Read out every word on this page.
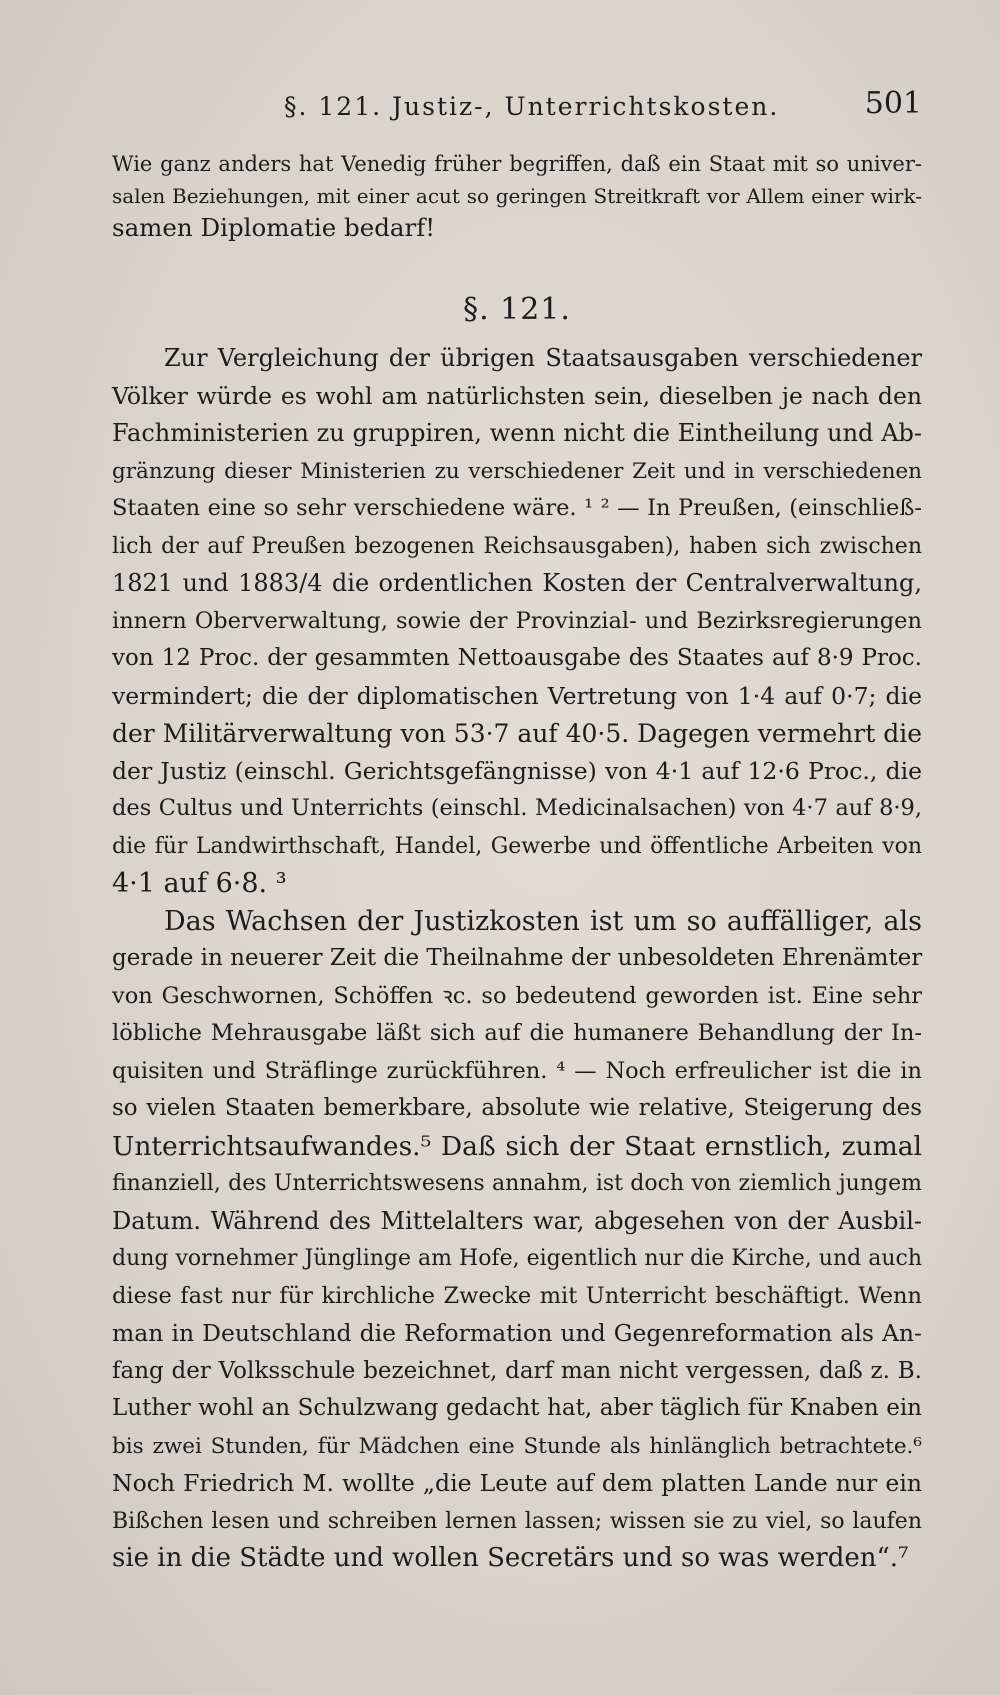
§. 121. Justiz-, Unterrichtskosten.	501
Wie ganz anders hat Venedig früher begriffen, daß ein Staat mit so univer-
salen Beziehungen, mit einer acut so geringen Streitkraft vor Allem einer wirk-
samen Diplomatie bedarf!
§. 121.
Zur Vergleichung der übrigen Staatsausgaben verschiedener
Völker würde es wohl am natürlichsten sein, dieselben je nach den
Fachministerien zu gruppiren, wenn nicht die Eintheilung und Ab-
gränzung dieser Ministerien zu verschiedener Zeit und in verschiedenen
Staaten eine so sehr verschiedene wäre. ¹ ² — In Preußen, (einschließ-
lich der auf Preußen bezogenen Reichsausgaben), haben sich zwischen
1821 und 1883/4 die ordentlichen Kosten der Centralverwaltung,
innern Oberverwaltung, sowie der Provinzial- und Bezirksregierungen
von 12 Proc. der gesammten Nettoausgabe des Staates auf 8·9 Proc.
vermindert; die der diplomatischen Vertretung von 1·4 auf 0·7; die
der Militärverwaltung von 53·7 auf 40·5. Dagegen vermehrt die
der Justiz (einschl. Gerichtsgefängnisse) von 4·1 auf 12·6 Proc., die
des Cultus und Unterrichts (einschl. Medicinalsachen) von 4·7 auf 8·9,
die für Landwirthschaft, Handel, Gewerbe und öffentliche Arbeiten von
4·1 auf 6·8. ³
Das Wachsen der Justizkosten ist um so auffälliger, als
gerade in neuerer Zeit die Theilnahme der unbesoldeten Ehrenämter
von Geschwornen, Schöffen ꝛc. so bedeutend geworden ist. Eine sehr
löbliche Mehrausgabe läßt sich auf die humanere Behandlung der In-
quisiten und Sträflinge zurückführen. ⁴ — Noch erfreulicher ist die in
so vielen Staaten bemerkbare, absolute wie relative, Steigerung des
Unterrichtsaufwandes.⁵ Daß sich der Staat ernstlich, zumal
finanziell, des Unterrichtswesens annahm, ist doch von ziemlich jungem
Datum. Während des Mittelalters war, abgesehen von der Ausbil-
dung vornehmer Jünglinge am Hofe, eigentlich nur die Kirche, und auch
diese fast nur für kirchliche Zwecke mit Unterricht beschäftigt. Wenn
man in Deutschland die Reformation und Gegenreformation als An-
fang der Volksschule bezeichnet, darf man nicht vergessen, daß z. B.
Luther wohl an Schulzwang gedacht hat, aber täglich für Knaben ein
bis zwei Stunden, für Mädchen eine Stunde als hinlänglich betrachtete.⁶
Noch Friedrich M. wollte „die Leute auf dem platten Lande nur ein
Bißchen lesen und schreiben lernen lassen; wissen sie zu viel, so laufen
sie in die Städte und wollen Secretärs und so was werden“.⁷
